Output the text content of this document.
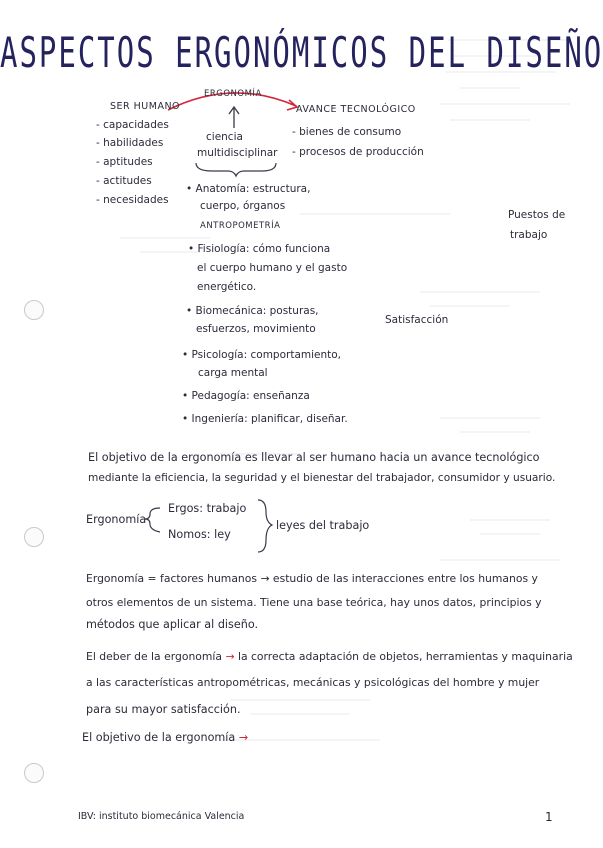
ASPECTOS ERGONÓMICOS DEL DISEÑO
ERGONOMÍA
SER HUMANO	AVANCE TECNOLÓGICO
- capacidades
- habilidades
- aptitudes
- actitudes
- necesidades
- bienes de consumo
- procesos de producción
ciencia
multidisciplinar
• Anatomía: estructura,
cuerpo, órganos
ANTROPOMETRÍA
• Fisiología: cómo funciona
el cuerpo humano y el gasto
energético.
• Biomecánica: posturas,
esfuerzos, movimiento
• Psicología: comportamiento,
carga mental
• Pedagogía: enseñanza
• Ingeniería: planificar, diseñar.
Puestos de
trabajo
Satisfacción
El objetivo de la ergonomía es llevar al ser humano hacia un avance tecnológico
mediante la eficiencia, la seguridad y el bienestar del trabajador, consumidor y usuario.
Ergonomía
Ergos: trabajo
Nomos: ley
leyes del trabajo
Ergonomía = factores humanos → estudio de las interacciones entre los humanos y
otros elementos de un sistema. Tiene una base teórica, hay unos datos, principios y
métodos que aplicar al diseño.
El deber de la ergonomía → la correcta adaptación de objetos, herramientas y maquinaria
a las características antropométricas, mecánicas y psicológicas del hombre y mujer
para su mayor satisfacción.
El objetivo de la ergonomía →
IBV: instituto biomecánica Valencia	1
